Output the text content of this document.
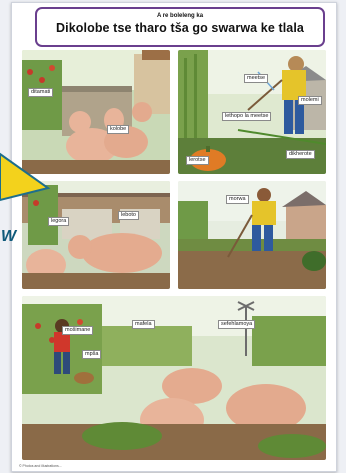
A re boleleng ka
Dikolobe tse tharo tša go swarwa ke tlala
ditamati
kolobe
meetse
molemi
lethopo la meetse
lerotse
dikherote
legora
leboto
morwa
mošimane
mafela	sefehlamoya
mpša
© Photos and illustrations...
W
